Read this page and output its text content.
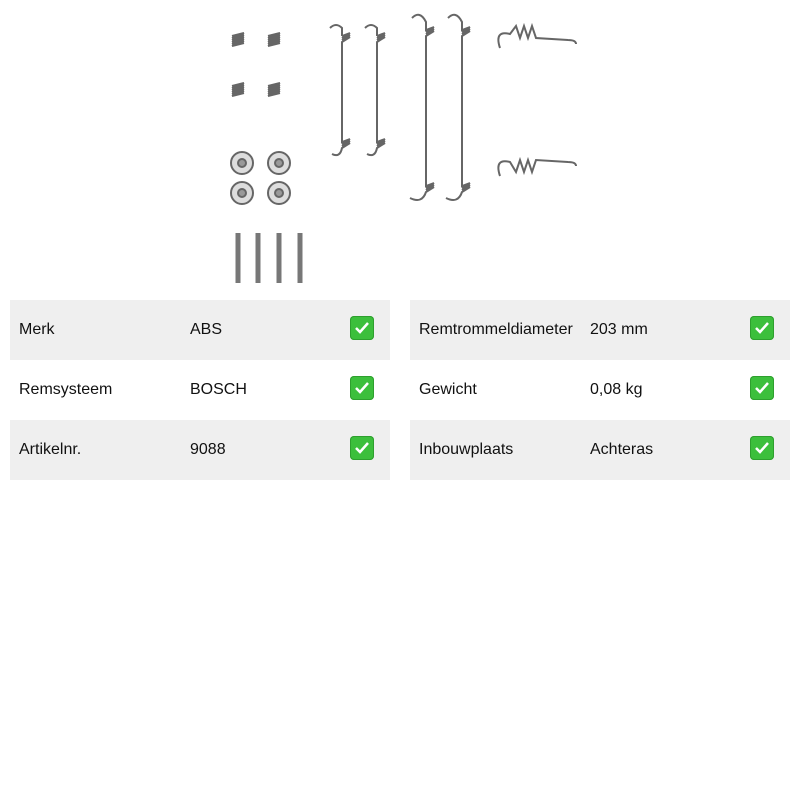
Merk	ABS
Remsysteem	BOSCH
Artikelnr.	9088
Remtrommeldiameter 203 mm
Gewicht	0,08 kg
Inbouwplaats	Achteras
